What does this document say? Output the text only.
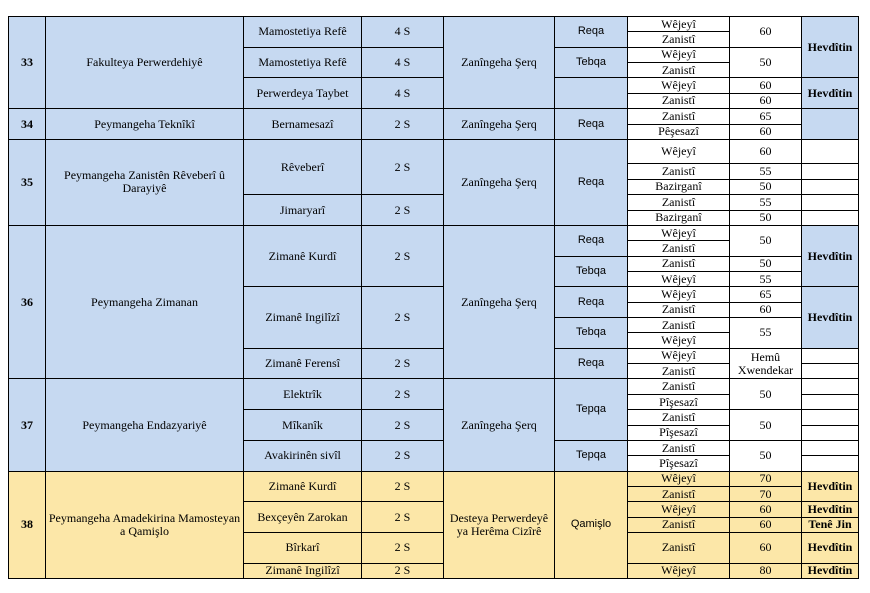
33	Fakulteya Perwerdehiyê	Mamostetiya Refê	4 S	Zanîngeha Şerq	Reqa	Wêjeyî	60	Hevdîtin
						Zanistî		
		Mamostetiya Refê	4 S		Tebqa	Wêjeyî	50	
						Zanistî		
		Perwerdeya Taybet	4 S			Wêjeyî	60	Hevdîtin
						Zanistî	60	
34	Peymangeha Teknîkî	Bernamesazî	2 S	Zanîngeha Şerq	Reqa	Zanistî	65	
						Pêşesazî	60	
35	Peymangeha Zanistên Rêveberî û Darayiyê	Rêveberî	2 S	Zanîngeha Şerq	Reqa	Wêjeyî	60	
						Zanistî	55	
						Bazirganî	50	
		Jimaryarî	2 S			Zanistî	55	
						Bazirganî	50	
36	Peymangeha Zimanan	Zimanê Kurdî	2 S	Zanîngeha Şerq	Reqa	Wêjeyî	50	Hevdîtin
						Zanistî		
					Tebqa	Zanistî	50	
						Wêjeyî	55	
		Zimanê Ingilîzî	2 S		Reqa	Wêjeyî	65	Hevdîtin
						Zanistî	60	
					Tebqa	Zanistî	55	
						Wêjeyî		
		Zimanê Ferensî	2 S		Reqa	Wêjeyî	Hemû Xwendekar	
						Zanistî		
37	Peymangeha Endazyariyê	Elektrîk	2 S	Zanîngeha Şerq	Tepqa	Zanistî	50	
						Pîşesazî		
		Mîkanîk	2 S			Zanistî	50	
						Pîşesazî		
		Avakirinên sivîl	2 S		Tepqa	Zanistî	50	
						Pîşesazî		
38	Peymangeha Amadekirina Mamosteyan a Qamişlo	Zimanê Kurdî	2 S	Desteya Perwerdeyê ya Herêma Cizîrê	Qamişlo	Wêjeyî	70	Hevdîtin
						Zanistî	70	
		Bexçeyên Zarokan	2 S			Wêjeyî	60	Hevdîtin
						Zanistî	60	Tenê Jin
		Bîrkarî	2 S			Zanistî	60	Hevdîtin

		Zimanê Ingilîzî	2 S			Wêjeyî	80	Hevdîtin
